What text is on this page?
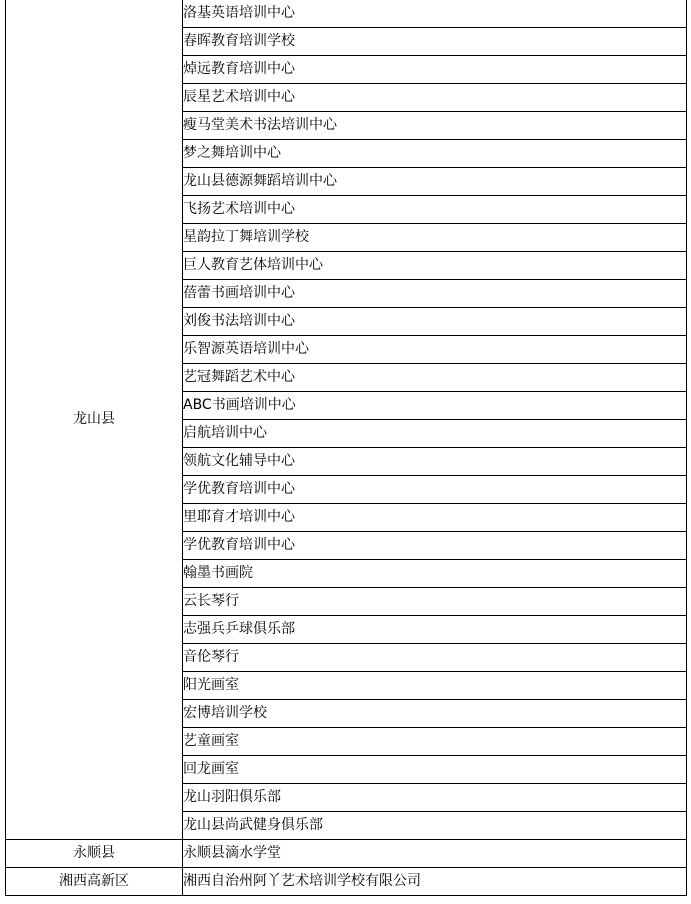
龙山县	洛基英语培训中心
	春晖教育培训学校
	焯远教育培训中心
	辰星艺术培训中心
	瘦马堂美术书法培训中心
	梦之舞培训中心
	龙山县德源舞蹈培训中心
	飞扬艺术培训中心
	星韵拉丁舞培训学校
	巨人教育艺体培训中心
	蓓蕾书画培训中心
	刘俊书法培训中心
	乐智源英语培训中心
	艺冠舞蹈艺术中心
	ABC书画培训中心
	启航培训中心
	领航文化辅导中心
	学优教育培训中心
	里耶育才培训中心
	学优教育培训中心
	翰墨书画院
	云长琴行
	志强兵乒球俱乐部
	音伦琴行
	阳光画室
	宏博培训学校
	艺童画室
	回龙画室
	龙山羽阳俱乐部
	龙山县尚武健身俱乐部
永顺县	永顺县滴水学堂
湘西高新区	湘西自治州阿丫艺术培训学校有限公司
